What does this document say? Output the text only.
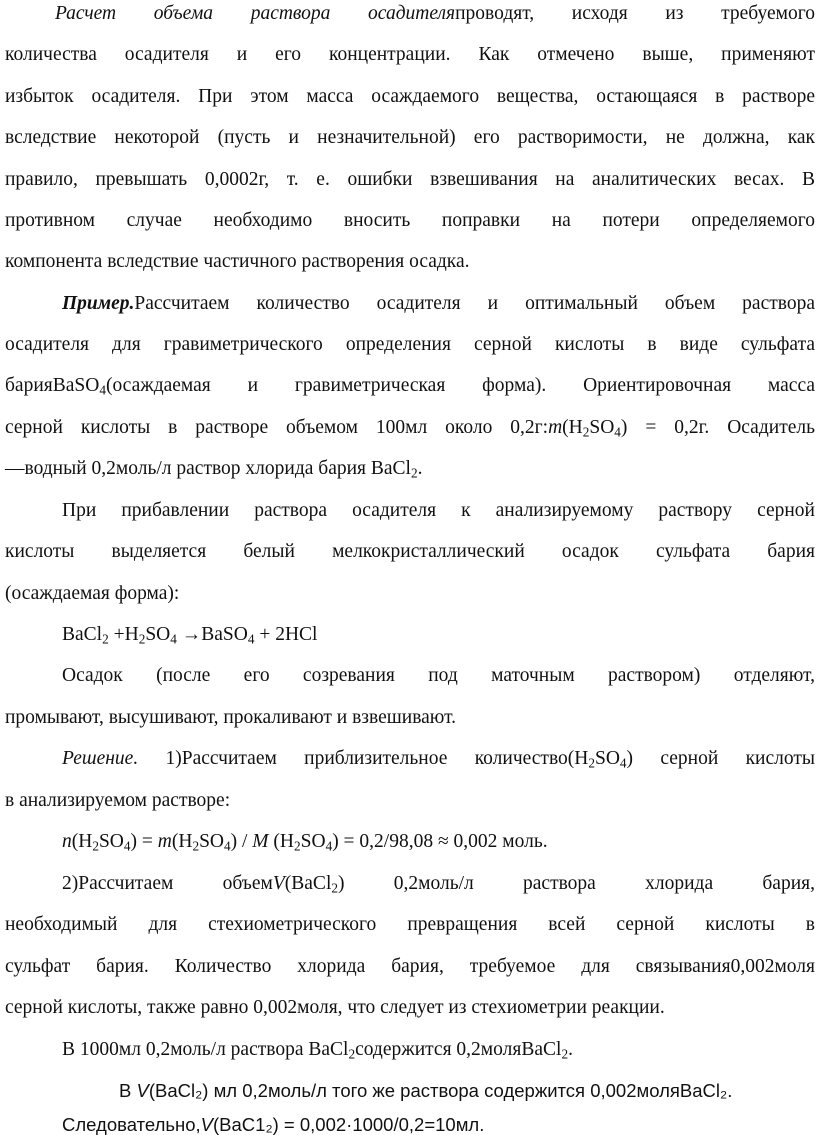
Расчет объема раствора осадителяпроводят, исходя из требуемого
количества осадителя и его концентрации. Как отмечено выше, применяют
избыток осадителя. При этом масса осаждаемого вещества, остающаяся в растворе
вследствие некоторой (пусть и незначительной) его растворимости, не должна, как
правило, превышать 0,0002г, т. е. ошибки взвешивания на аналитических весах. В
противном случае необходимо вносить поправки на потери определяемого
компонента вследствие частичного растворения осадка.
Пример.Рассчитаем количество осадителя и оптимальный объем раствора
осадителя для гравиметрического определения серной кислоты в виде сульфата
барияBaSO$_4$(осаждаемая и гравиметрическая форма). Ориентировочная масса
серной кислоты в растворе объемом 100мл около $0,2г:m(H_2SO_4) = 0,2г$. Осадитель
—водный 0,2моль/л раствор хлорида бария BaCl$_2$.
При прибавлении раствора осадителя к анализируемому раствору серной
кислоты выделяется белый мелкокристаллический осадок сульфата бария
(осаждаемая форма):
BaCl$_2$ $+H_2SO_4$ →BaSO$_4$ + 2HCl
Осадок (после его созревания под маточным раствором) отделяют,
промывают, высушивают, прокаливают и взвешивают.
Решение. 1)Рассчитаем приблизительное $количество(H_2SO_4)$ серной кислоты
в анализируемом растворе:
$n(H_2SO_4) = m(H_2SO_4) / M$ $(H_2SO_4) = 0,2/98,08 \approx 0,002$ моль.
2)Рассчитаем объемV(BaCl$_2$) 0,2моль/л раствора хлорида бария,
необходимый для стехиометрического превращения всей серной кислоты в
сульфат бария. Количество хлорида бария, требуемое для связывания0,002моля
серной кислоты, также равно 0,002моля, что следует из стехиометрии реакции.
В 1000мл 0,2моль/л раствора BaCl$_2$содержится 0,2моляBaCl$_2$.
В V(BaCl₂) мл 0,2моль/л того же раствора содержится 0,002моляBaCl₂.
Следовательно,V(BaC1₂) = 0,002·1000/0,2=10мл.
